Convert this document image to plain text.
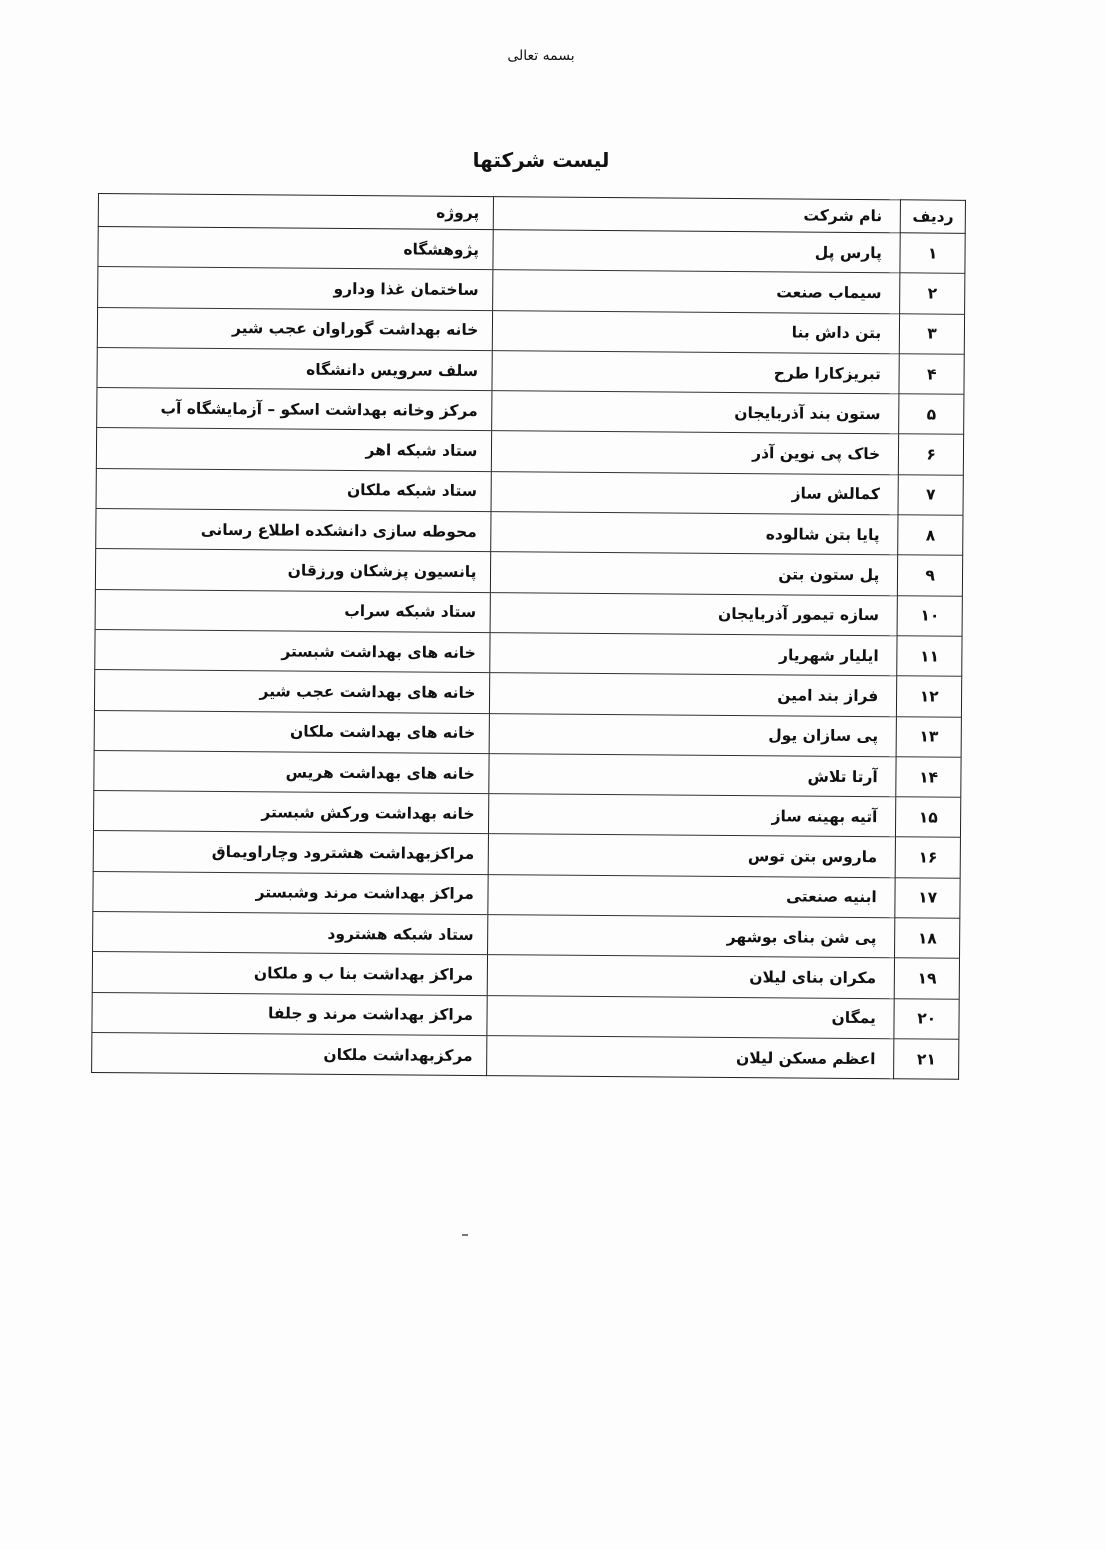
بسمه تعالی
لیست شرکتها
ردیف	نام شرکت	پروژه
۱	پارس پل	پژوهشگاه
۲	سیماب صنعت	ساختمان غذا ودارو
۳	بتن داش بنا	خانه بهداشت گوراوان عجب شیر
۴	تبریزکارا طرح	سلف سرویس دانشگاه
۵	ستون بند آذربایجان	مرکز وخانه بهداشت اسکو – آزمایشگاه آب
۶	خاک پی نوین آذر	ستاد شبکه اهر
۷	کمالش ساز	ستاد شبکه ملکان
۸	پایا بتن شالوده	محوطه سازی دانشکده اطلاع رسانی
۹	پل ستون بتن	پانسیون پزشکان ورزقان
۱۰	سازه تیمور آذربایجان	ستاد شبکه سراب
۱۱	ایلیار شهریار	خانه های بهداشت شبستر
۱۲	فراز بند امین	خانه های بهداشت عجب شیر
۱۳	پی سازان یول	خانه های بهداشت ملکان
۱۴	آرتا تلاش	خانه های بهداشت هریس
۱۵	آتیه بهینه ساز	خانه بهداشت ورکش شبستر
۱۶	ماروس بتن توس	مراکزبهداشت هشترود وچاراویماق
۱۷	ابنیه صنعتی	مراکز بهداشت مرند وشبستر
۱۸	پی شن بنای بوشهر	ستاد شبکه هشترود
۱۹	مکران بنای لیلان	مراکز بهداشت بنا ب و ملکان
۲۰	یمگان	مراکز بهداشت مرند و جلفا
۲۱	اعظم مسکن لیلان	مرکزبهداشت ملکان
